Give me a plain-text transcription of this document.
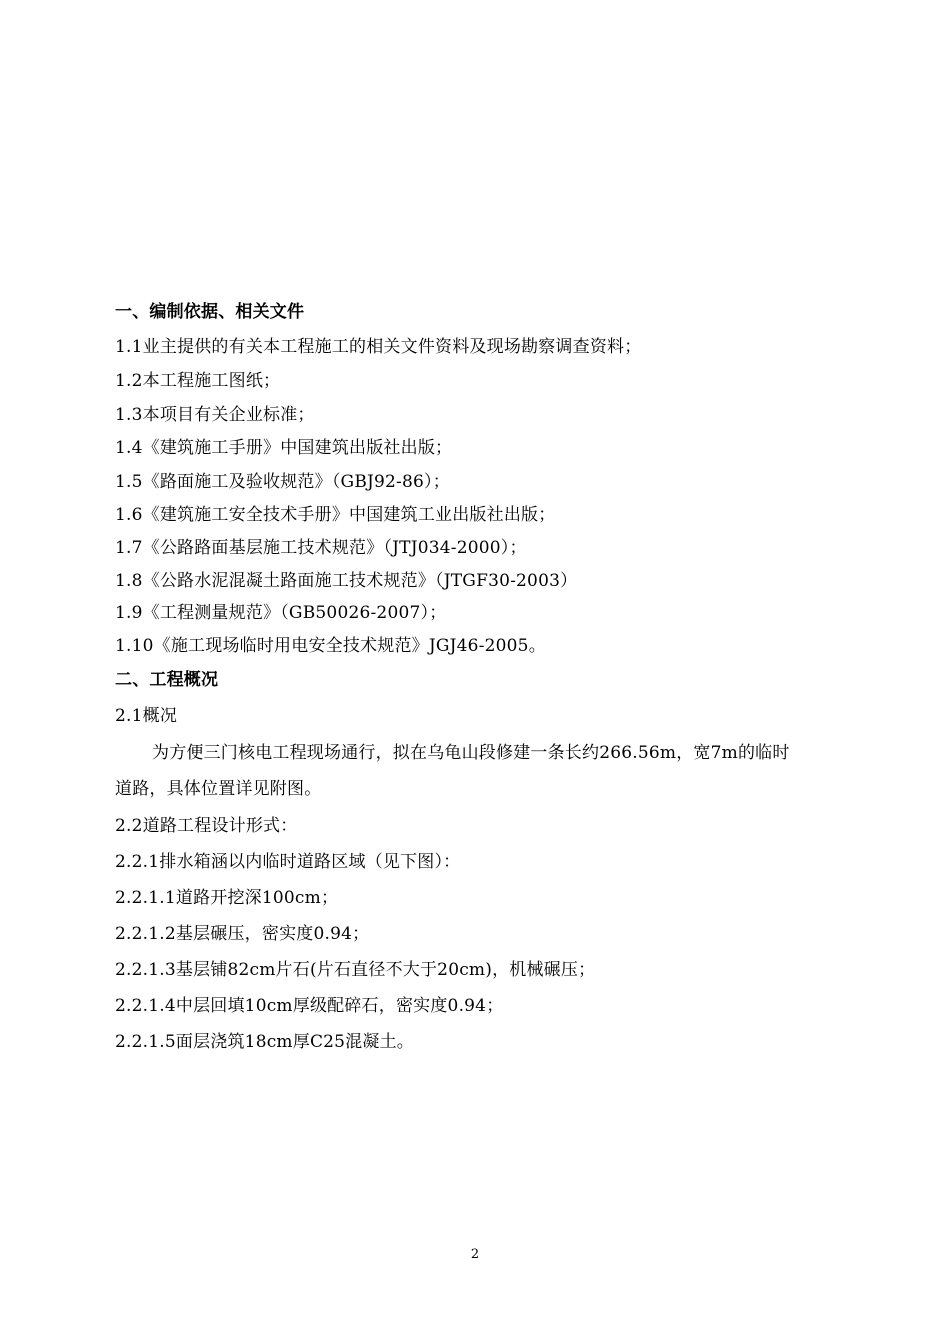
一、编制依据、相关文件
1.1业主提供的有关本工程施工的相关文件资料及现场勘察调查资料；
1.2本工程施工图纸；
1.3本项目有关企业标准；
1.4《建筑施工手册》中国建筑出版社出版；
1.5《路面施工及验收规范》（GBJ92-86）；
1.6《建筑施工安全技术手册》中国建筑工业出版社出版；
1.7《公路路面基层施工技术规范》（JTJ034-2000）；
1.8《公路水泥混凝土路面施工技术规范》（JTGF30-2003）
1.9《工程测量规范》（GB50026-2007）；
1.10《施工现场临时用电安全技术规范》JGJ46-2005。
二、工程概况
2.1概况
为方便三门核电工程现场通行，拟在乌龟山段修建一条长约266.56m，宽7m的临时
道路，具体位置详见附图。
2.2道路工程设计形式：
2.2.1排水箱涵以内临时道路区域（见下图）：
2.2.1.1道路开挖深100cm；
2.2.1.2基层碾压，密实度0.94；
2.2.1.3基层铺82cm片石(片石直径不大于20cm)，机械碾压；
2.2.1.4中层回填10cm厚级配碎石，密实度0.94；
2.2.1.5面层浇筑18cm厚C25混凝土。
2
